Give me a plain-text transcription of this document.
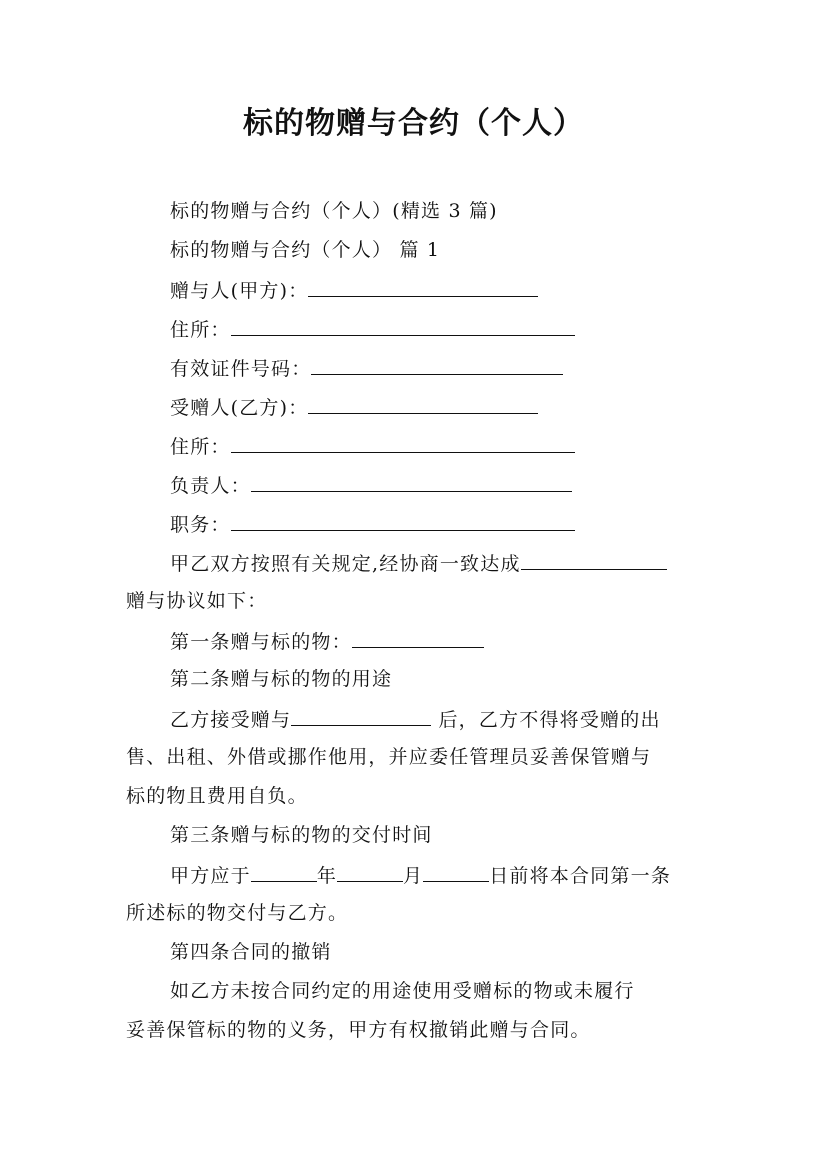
标的物赠与合约（个人）
标的物赠与合约（个人）(精选 3 篇)
标的物赠与合约（个人） 篇 1
赠与人(甲方)：
住所：
有效证件号码：
受赠人(乙方)：
住所：
负责人：
职务：
甲乙双方按照有关规定,经协商一致达成
赠与协议如下：
第一条赠与标的物：
第二条赠与标的物的用途
乙方接受赠与	后，乙方不得将受赠的出
售、出租、外借或挪作他用，并应委任管理员妥善保管赠与
标的物且费用自负。
第三条赠与标的物的交付时间
甲方应于	年	月	日前将本合同第一条
所述标的物交付与乙方。
第四条合同的撤销
如乙方未按合同约定的用途使用受赠标的物或未履行
妥善保管标的物的义务，甲方有权撤销此赠与合同。
